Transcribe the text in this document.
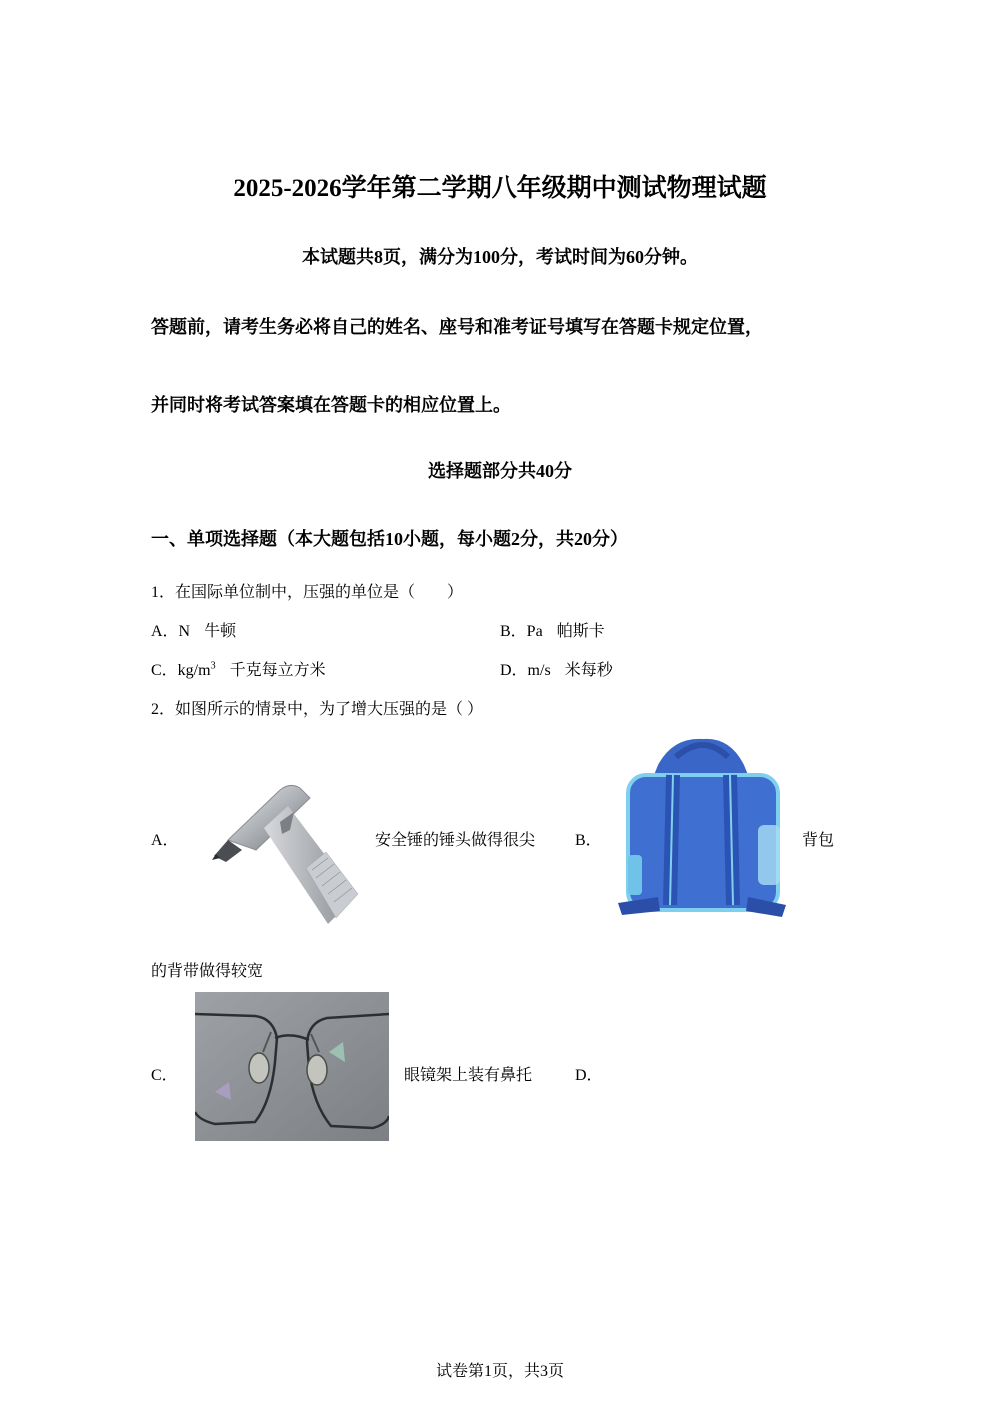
2025-2026学年第二学期八年级期中测试物理试题
本试题共8页，满分为100分，考试时间为60分钟。
答题前，请考生务必将自己的姓名、座号和准考证号填写在答题卡规定位置，
并同时将考试答案填在答题卡的相应位置上。
选择题部分共40分
一、单项选择题（本大题包括10小题，每小题2分，共20分）
1．在国际单位制中，压强的单位是（　　）
A．N 牛顿	B．Pa 帕斯卡
C．$kg/m^3$ 千克每立方米	D．m/s 米每秒
2．如图所示的情景中，为了增大压强的是（ ）
A．	安全锤的锤头做得很尖 B．	背包
的背带做得较宽
C．	眼镜架上装有鼻托	D．
试卷第1页，共3页
